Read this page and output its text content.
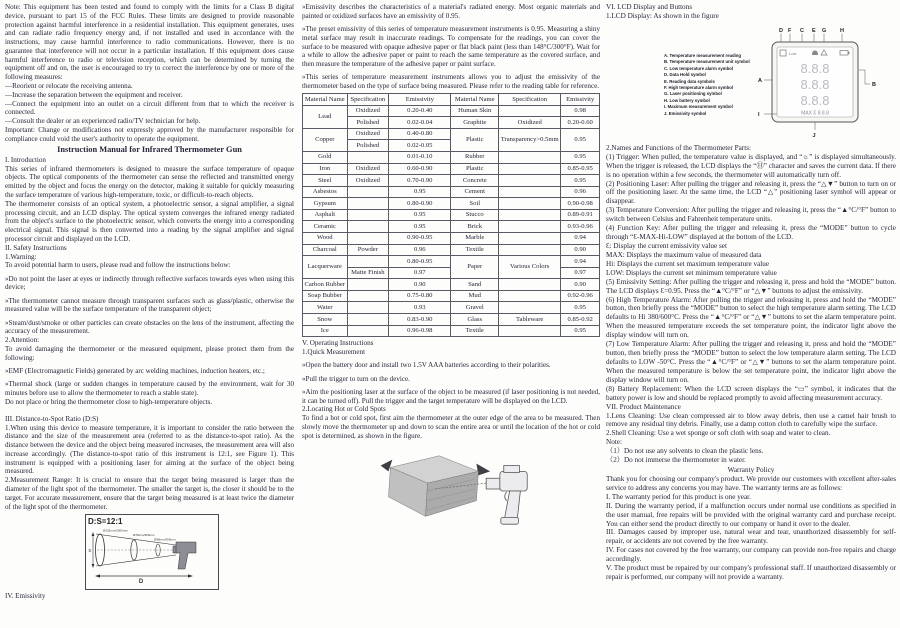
Note: This equipment has been tested and found to comply with the limits for a Class B digital device, pursuant to part 15 of the FCC Rules. These limits are designed to provide reasonable protection against harmful interference in a residential installation. This equipment generates, uses and can radiate radio frequency energy and, if not installed and used in accordance with the instructions, may cause harmful interference to radio communications. However, there is no guarantee that interference will not occur in a particular installation. If this equipment does cause harmful interference to radio or television reception, which can be determined by turning the equipment off and on, the user is encouraged to try to correct the interference by one or more of the following measures:
—Reorient or relocate the receiving antenna.
—Increase the separation between the equipment and receiver.
—Connect the equipment into an outlet on a circuit different from that to which the receiver is connected.
—Consult the dealer or an experienced radio/TV technician for help.
Important: Change or modifications not expressly approved by the manufacturer responsible for compliance could void the user's authority to operate the equipment.
Instruction Manual for Infrared Thermometer Gun
I. Introduction
This series of infrared thermometers is designed to measure the surface temperature of opaque objects. The optical components of the thermometer can sense the reflected and transmitted energy emitted by the object and focus the energy on the detector, making it suitable for quickly measuring the surface temperature of various high-temperature, toxic, or difficult-to-reach objects.
The thermometer consists of an optical system, a photoelectric sensor, a signal amplifier, a signal processing circuit, and an LCD display. The optical system converges the infrared energy radiated from the object's surface to the photoelectric sensor, which converts the energy into a corresponding electrical signal. This signal is then converted into a reading by the signal amplifier and signal processor circuit and displayed on the LCD.
II. Safety Instructions
1.Warning:
To avoid potential harm to users, please read and follow the instructions below:
»Do not point the laser at eyes or indirectly through reflective surfaces towards eyes when using this device;
»The thermometer cannot measure through transparent surfaces such as glass/plastic, otherwise the measured value will be the surface temperature of the transparent object;
»Steam/dust/smoke or other particles can create obstacles on the lens of the instrument, affecting the accuracy of the measurement.
2.Attention:
To avoid damaging the thermometer or the measured equipment, please protect them from the following:
»EMF (Electromagnetic Fields) generated by arc welding machines, induction heaters, etc.;
»Thermal shock (large or sudden changes in temperature caused by the environment, wait for 30 minutes before use to allow the thermometer to reach a stable state).
Do not place or bring the thermometer close to high-temperature objects.
III. Distance-to-Spot Ratio (D:S)
1.When using this device to measure temperature, it is important to consider the ratio between the distance and the size of the measurement area (referred to as the distance-to-spot ratio). As the distance between the device and the object being measured increases, the measurement area will also increase accordingly. (The distance-to-spot ratio of this instrument is 12:1, see Figure 1). This instrument is equipped with a positioning laser for aiming at the surface of the object being measured.
2.Measurement Range: It is crucial to ensure that the target being measured is larger than the diameter of the light spot of the thermometer. The smaller the target is, the closer it should be to the target. For accurate measurement, ensure that the target being measured is at least twice the diameter of the light spot of the thermometer.
D:S=12:1
Ø132mm/1500mm
Ø76mm/900mm
Ø38mm/300mm
S
D
IV. Emissivity
»Emissivity describes the characteristics of a material's radiated energy. Most organic materials and painted or oxidized surfaces have an emissivity of 0.95.
»The preset emissivity of this series of temperature measurement instruments is 0.95. Measuring a shiny metal surface may result in inaccurate readings. To compensate for the readings, you can cover the surface to be measured with opaque adhesive paper or flat black paint (less than 148°C/300°F). Wait for a while to allow the adhesive paper or paint to reach the same temperature as the covered surface, and then measure the temperature of the adhesive paper or paint surface.
»This series of temperature measurement instruments allows you to adjust the emissivity of the thermometer based on the type of surface being measured. Please refer to the reading table for reference.
Material Name	Specification	Emissivity	Material Name	Specification	Emissivity
Lead	Oxidized	0.20-0.40	Human Skin		0.98
	Polished	0.02-0.04	Graphite	Oxidized	0.20-0.60
Copper	Oxidized	0.40-0.80	Plastic	Transparency>0.5mm	0.95
	Polished	0.02-0.05			
Gold		0.01-0.10	Rubber		0.95
Iron	Oxidized	0.60-0.90	Plastic		0.85-0.95
Steel	Oxidized	0.70-0.90	Concrete		0.95
Asbestos		0.95	Cement		0.96
Gypsum		0.80-0.90	Soil		0.90-0.98
Asphalt		0.95	Stucco		0.89-0.91
Ceramic		0.95	Brick		0.93-0.96
Wood		0.90-0.95	Marble		0.94
Charcoal	Powder	0.96	Textile		0.90
Lacquerware		0.80-0.95	Paper	Various Colors	0.94
	Matte Finish	0.97			0.97
Carbon Rubber		0.90	Sand		0.90
Soap Bubber		0.75-0.80	Mud		0.92-0.96
Water		0.93	Gravel		0.95
Snow		0.83-0.90	Glass	Tableware	0.85-0.92
Ice		0.96-0.98	Textile		0.95
V. Operating Instructions
1.Quick Measurement
»Open the battery door and install two 1.5V AAA batteries according to their polarities.
»Pull the trigger to turn on the device.
»Aim the positioning laser at the surface of the object to be measured (if laser positioning is not needed, it can be turned off). Pull the trigger and the target temperature will be displayed on the LCD.
2.Locating Hot or Cold Spots
To find a hot or cold spot, first aim the thermometer at the outer edge of the area to be measured. Then slowly move the thermometer up and down to scan the entire area or until the location of the hot or cold spot is determined, as shown in the figure.
VI. LCD Display and Buttons
1.LCD Display: As shown in the figure
A. Temperature measurement reading
B. Temperature measurement unit symbol
C. Low temperature alarm symbol
D. Data Hold symbol
E. Reading data symbols
F. High temperature alarm symbol
G. Laser positioning symbol
H. Low battery symbol
I. Maximum measurement symbol
J. Emissivity symbol
D F C E G H
Low
8.8.8
8.8.8
8.8.8
MAX Ɛ 8.8.8
A
B
I
J
2.Names and Functions of the Thermometer Parts:
(1) Trigger: When pulled, the temperature value is displayed, and “☼” is displayed simultaneously. When the trigger is released, the LCD displays the “Ⓗ” character and saves the current data. If there is no operation within a few seconds, the thermometer will automatically turn off.
(2) Positioning Laser: After pulling the trigger and releasing it, press the “△▼” button to turn on or off the positioning laser. At the same time, the LCD “△” positioning laser symbol will appear or disappear.
(3) Temperature Conversion: After pulling the trigger and releasing it, press the “▲°C/°F” button to switch between Celsius and Fahrenheit temperature units.
(4) Function Key: After pulling the trigger and releasing it, press the “MODE” button to cycle through “Ɛ-MAX-Hi-LOW” displayed at the bottom of the LCD.
Ɛ: Display the current emissivity value set
MAX: Displays the maximum value of measured data
Hi: Displays the current set maximum temperature value
LOW: Displays the current set minimum temperature value
(5) Emissivity Setting: After pulling the trigger and releasing it, press and hold the “MODE” button. The LCD displays Ɛ=0.95. Press the “▲°C/°F” or “△▼” buttons to adjust the emissivity.
(6) High Temperature Alarm: After pulling the trigger and releasing it, press and hold the “MODE” button, then briefly press the “MODE” button to select the high temperature alarm setting. The LCD defaults to Hi 380/600°C. Press the “▲°C/°F” or “△▼” buttons to set the alarm temperature point. When the measured temperature exceeds the set temperature point, the indicator light above the display window will turn on.
(7) Low Temperature Alarm: After pulling the trigger and releasing it, press and hold the “MODE” button, then briefly press the “MODE” button to select the low temperature alarm setting. The LCD defaults to LOW -50°C. Press the “▲°C/°F” or “△▼” buttons to set the alarm temperature point. When the measured temperature is below the set temperature point, the indicator light above the display window will turn on.
(8) Battery Replacement: When the LCD screen displays the “▭” symbol, it indicates that the battery power is low and should be replaced promptly to avoid affecting measurement accuracy.
VII. Product Maintenance
1.Lens Cleaning: Use clean compressed air to blow away debris, then use a camel hair brush to remove any residual tiny debris. Finally, use a damp cotton cloth to carefully wipe the surface.
2.Shell Cleaning: Use a wet sponge or soft cloth with soap and water to clean.
Note:
（1）Do not use any solvents to clean the plastic lens.
（2）Do not immerse the thermometer in water.
Warranty Policy
Thank you for choosing our company's product. We provide our customers with excellent after-sales service to address any concerns you may have. The warranty terms are as follows:
I. The warranty period for this product is one year.
II. During the warranty period, if a malfunction occurs under normal use conditions as specified in the user manual, free repairs will be provided with the original warranty card and purchase receipt. You can either send the product directly to our company or hand it over to the dealer.
III. Damages caused by improper use, natural wear and tear, unauthorized disassembly for self-repair, or accidents are not covered by the free warranty.
IV. For cases not covered by the free warranty, our company can provide non-free repairs and charge accordingly.
V. The product must be repaired by our company's professional staff. If unauthorized disassembly or repair is performed, our company will not provide a warranty.
